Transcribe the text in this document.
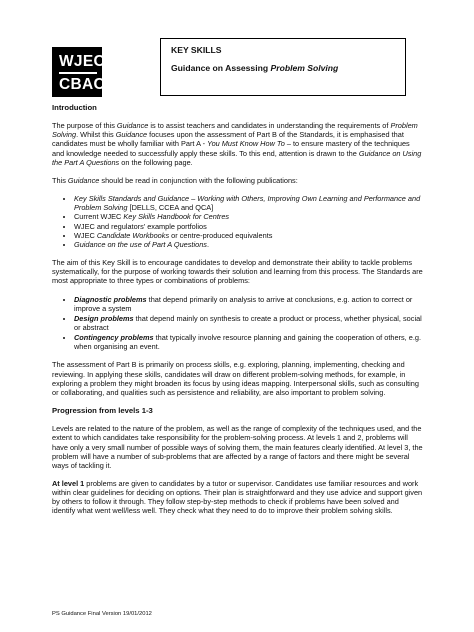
WJEC
CBAC
KEY SKILLS
Guidance on Assessing Problem Solving
Introduction

The purpose of this Guidance is to assist teachers and candidates in understanding the requirements of Problem Solving. Whilst this Guidance focuses upon the assessment of Part B of the Standards, it is emphasised that candidates must be wholly familiar with Part A - You Must Know How To – to ensure mastery of the techniques and knowledge needed to successfully apply these skills. To this end, attention is drawn to the Guidance on Using the Part A Questions on the following page.

This Guidance should be read in conjunction with the following publications:

• Key Skills Standards and Guidance – Working with Others, Improving Own Learning and Performance and Problem Solving [DELLS, CCEA and QCA]
• Current WJEC Key Skills Handbook for Centres
• WJEC and regulators’ example portfolios
• WJEC Candidate Workbooks or centre-produced equivalents
• Guidance on the use of Part A Questions.

The aim of this Key Skill is to encourage candidates to develop and demonstrate their ability to tackle problems systematically, for the purpose of working towards their solution and learning from this process. The Standards are most appropriate to three types or combinations of problems:

• Diagnostic problems that depend primarily on analysis to arrive at conclusions, e.g. action to correct or improve a system
• Design problems that depend mainly on synthesis to create a product or process, whether physical, social or abstract
• Contingency problems that typically involve resource planning and gaining the cooperation of others, e.g. when organising an event.

The assessment of Part B is primarily on process skills, e.g. exploring, planning, implementing, checking and reviewing. In applying these skills, candidates will draw on different problem-solving methods, for example, in exploring a problem they might broaden its focus by using ideas mapping. Interpersonal skills, such as consulting or collaborating, and qualities such as persistence and reliability, are also important to problem solving.

Progression from levels 1-3

Levels are related to the nature of the problem, as well as the range of complexity of the techniques used, and the extent to which candidates take responsibility for the problem-solving process. At levels 1 and 2, problems will have only a very small number of possible ways of solving them, the main features clearly identified. At level 3, the problem will have a number of sub-problems that are affected by a range of factors and there might be several ways of tackling it.

At level 1 problems are given to candidates by a tutor or supervisor. Candidates use familiar resources and work within clear guidelines for deciding on options. Their plan is straightforward and they use advice and support given by others to follow it through. They follow step-by-step methods to check if problems have been solved and identify what went well/less well. They check what they need to do to improve their problem solving skills.

PS Guidance Final Version 19/01/2012
